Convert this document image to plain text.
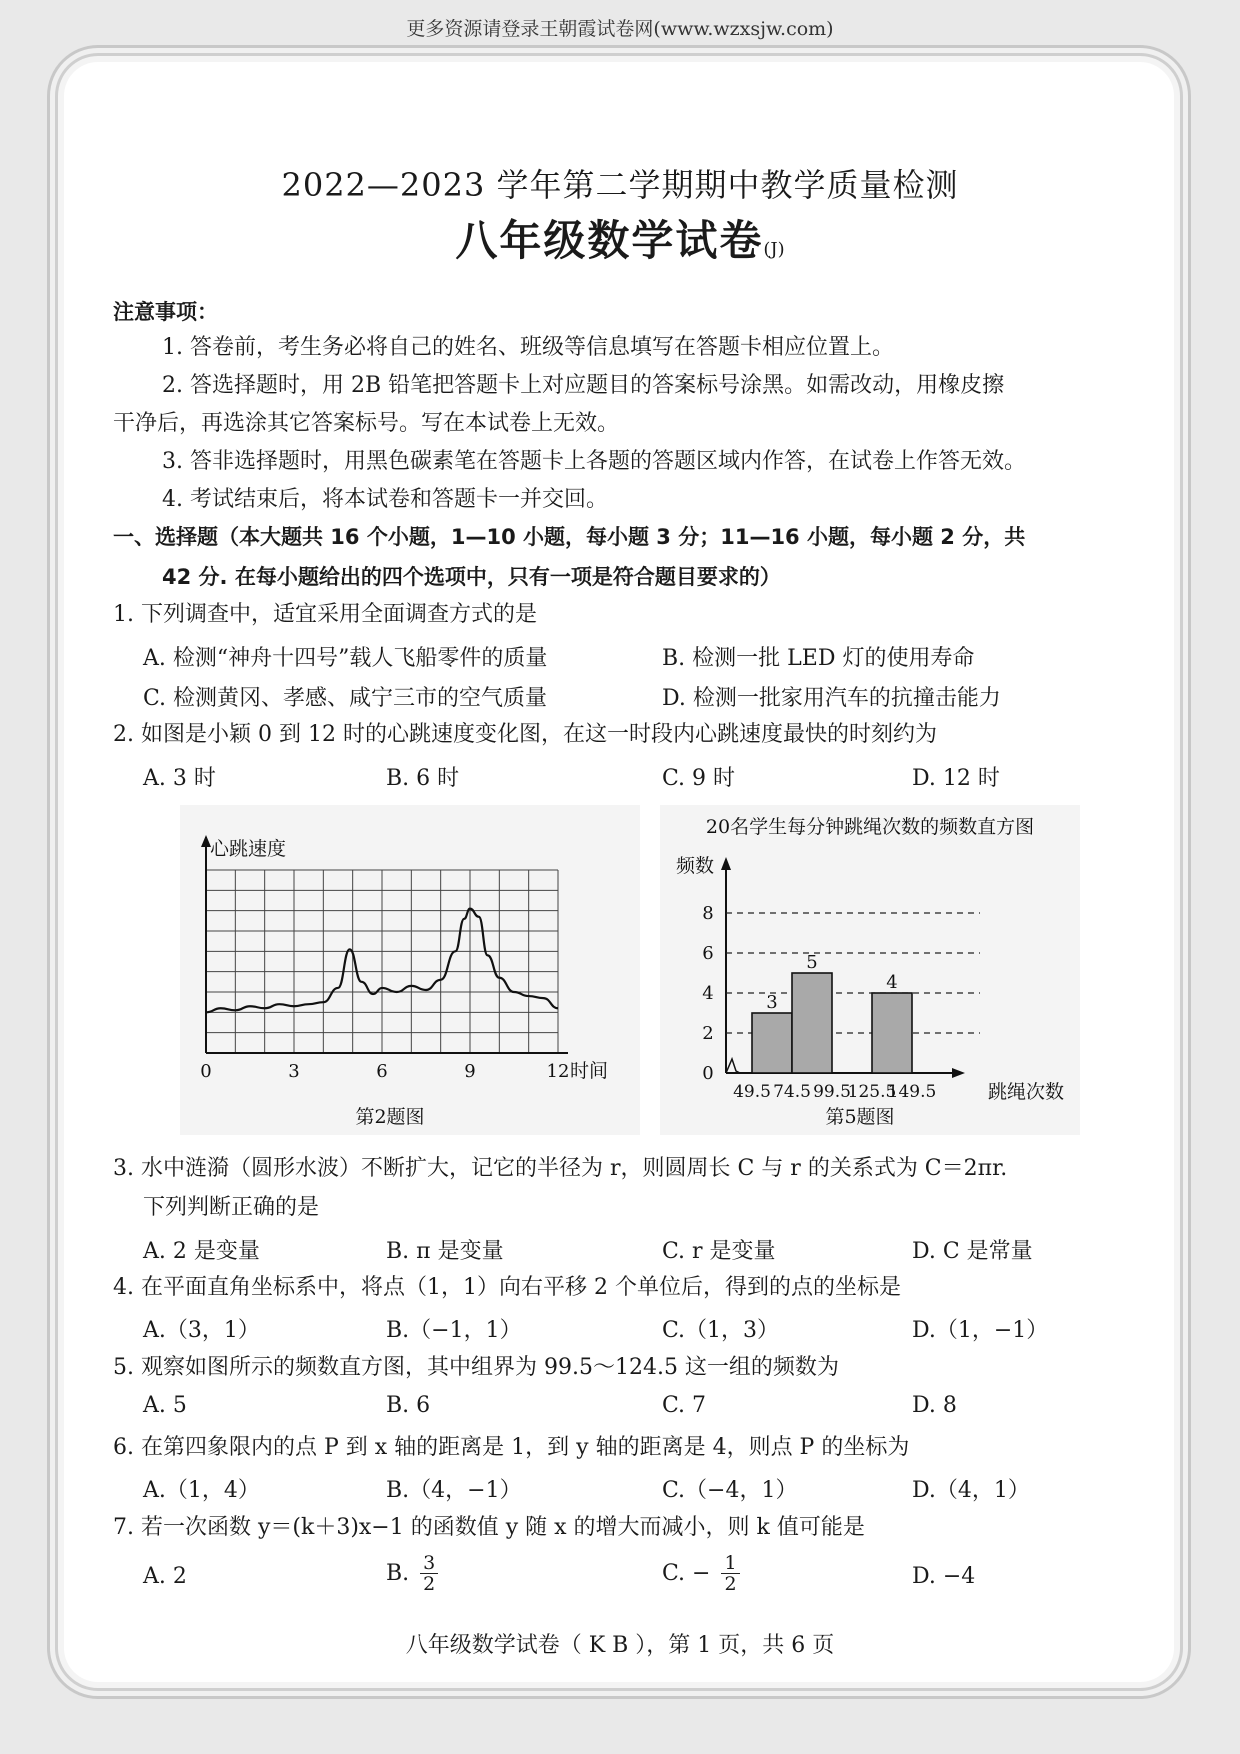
更多资源请登录王朝霞试卷网(www.wzxsjw.com)
2022—2023 学年第二学期期中教学质量检测
八年级数学试卷(J)
注意事项：
1. 答卷前，考生务必将自己的姓名、班级等信息填写在答题卡相应位置上。
2. 答选择题时，用 2B 铅笔把答题卡上对应题目的答案标号涂黑。如需改动，用橡皮擦
干净后，再选涂其它答案标号。写在本试卷上无效。
3. 答非选择题时，用黑色碳素笔在答题卡上各题的答题区域内作答，在试卷上作答无效。
4. 考试结束后，将本试卷和答题卡一并交回。
一、选择题（本大题共 16 个小题，1—10 小题，每小题 3 分；11—16 小题，每小题 2 分，共
42 分. 在每小题给出的四个选项中，只有一项是符合题目要求的）
1. 下列调查中，适宜采用全面调查方式的是
A. 检测“神舟十四号”载人飞船零件的质量	B. 检测一批 LED 灯的使用寿命
C. 检测黄冈、孝感、咸宁三市的空气质量	D. 检测一批家用汽车的抗撞击能力
2. 如图是小颖 0 到 12 时的心跳速度变化图，在这一时段内心跳速度最快的时刻约为
A. 3 时	B. 6 时	C. 9 时	D. 12 时
心跳速度
时间
0	3	6	9	12
第2题图
20名学生每分钟跳绳次数的频数直方图
频数
跳绳次数
0
2
4
6
8
3
5
4
49.5 74.5 99.5
125.5
149.5
第5题图
3. 水中涟漪（圆形水波）不断扩大，记它的半径为 r，则圆周长 C 与 r 的关系式为 C＝2πr.
下列判断正确的是
A. 2 是变量	B. π 是变量	C. r 是变量	D. C 是常量
4. 在平面直角坐标系中，将点（1，1）向右平移 2 个单位后，得到的点的坐标是
A.（3，1）	B.（−1，1）	C.（1，3）	D.（1，−1）
5. 观察如图所示的频数直方图，其中组界为 99.5～124.5 这一组的频数为
A. 5	B. 6	C. 7	D. 8
6. 在第四象限内的点 P 到 x 轴的距离是 1，到 y 轴的距离是 4，则点 P 的坐标为
A.（1，4）	B.（4，−1）	C.（−4，1）	D.（4，1）
7. 若一次函数 y＝(k＋3)x−1 的函数值 y 随 x 的增大而减小，则 k 值可能是
A. 2	B. $\frac{3}{2}$	C. − $\frac{1}{2}$	D. −4
八年级数学试卷（ K B ），第 1 页，共 6 页
